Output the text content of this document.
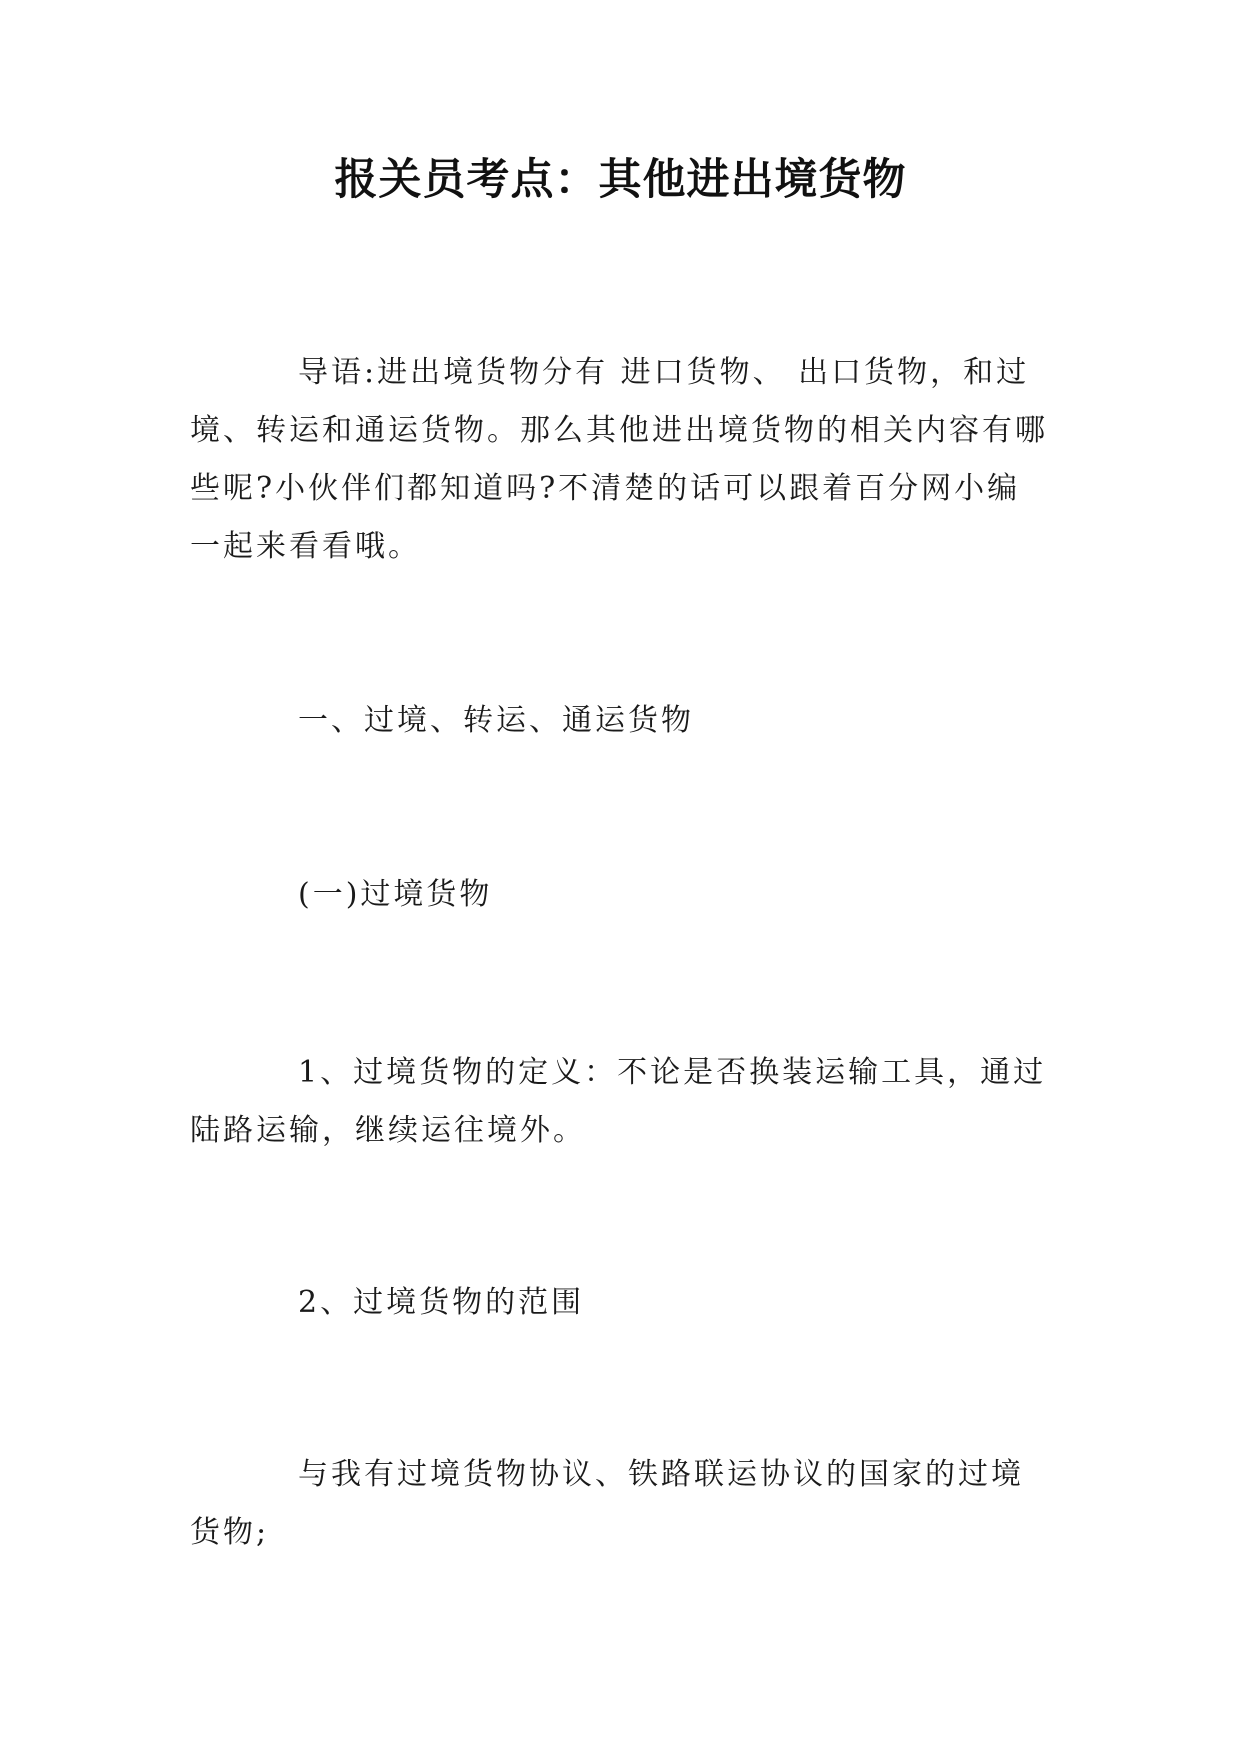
报关员考点：其他进出境货物

导语:进出境货物分有 进口货物、 出口货物，和过境、转运和通运货物。那么其他进出境货物的相关内容有哪些呢?小伙伴们都知道吗?不清楚的话可以跟着百分网小编一起来看看哦。

一、过境、转运、通运货物

(一)过境货物

1、过境货物的定义：不论是否换装运输工具，通过陆路运输，继续运往境外。

2、过境货物的范围

与我有过境货物协议、铁路联运协议的国家的过境货物;
